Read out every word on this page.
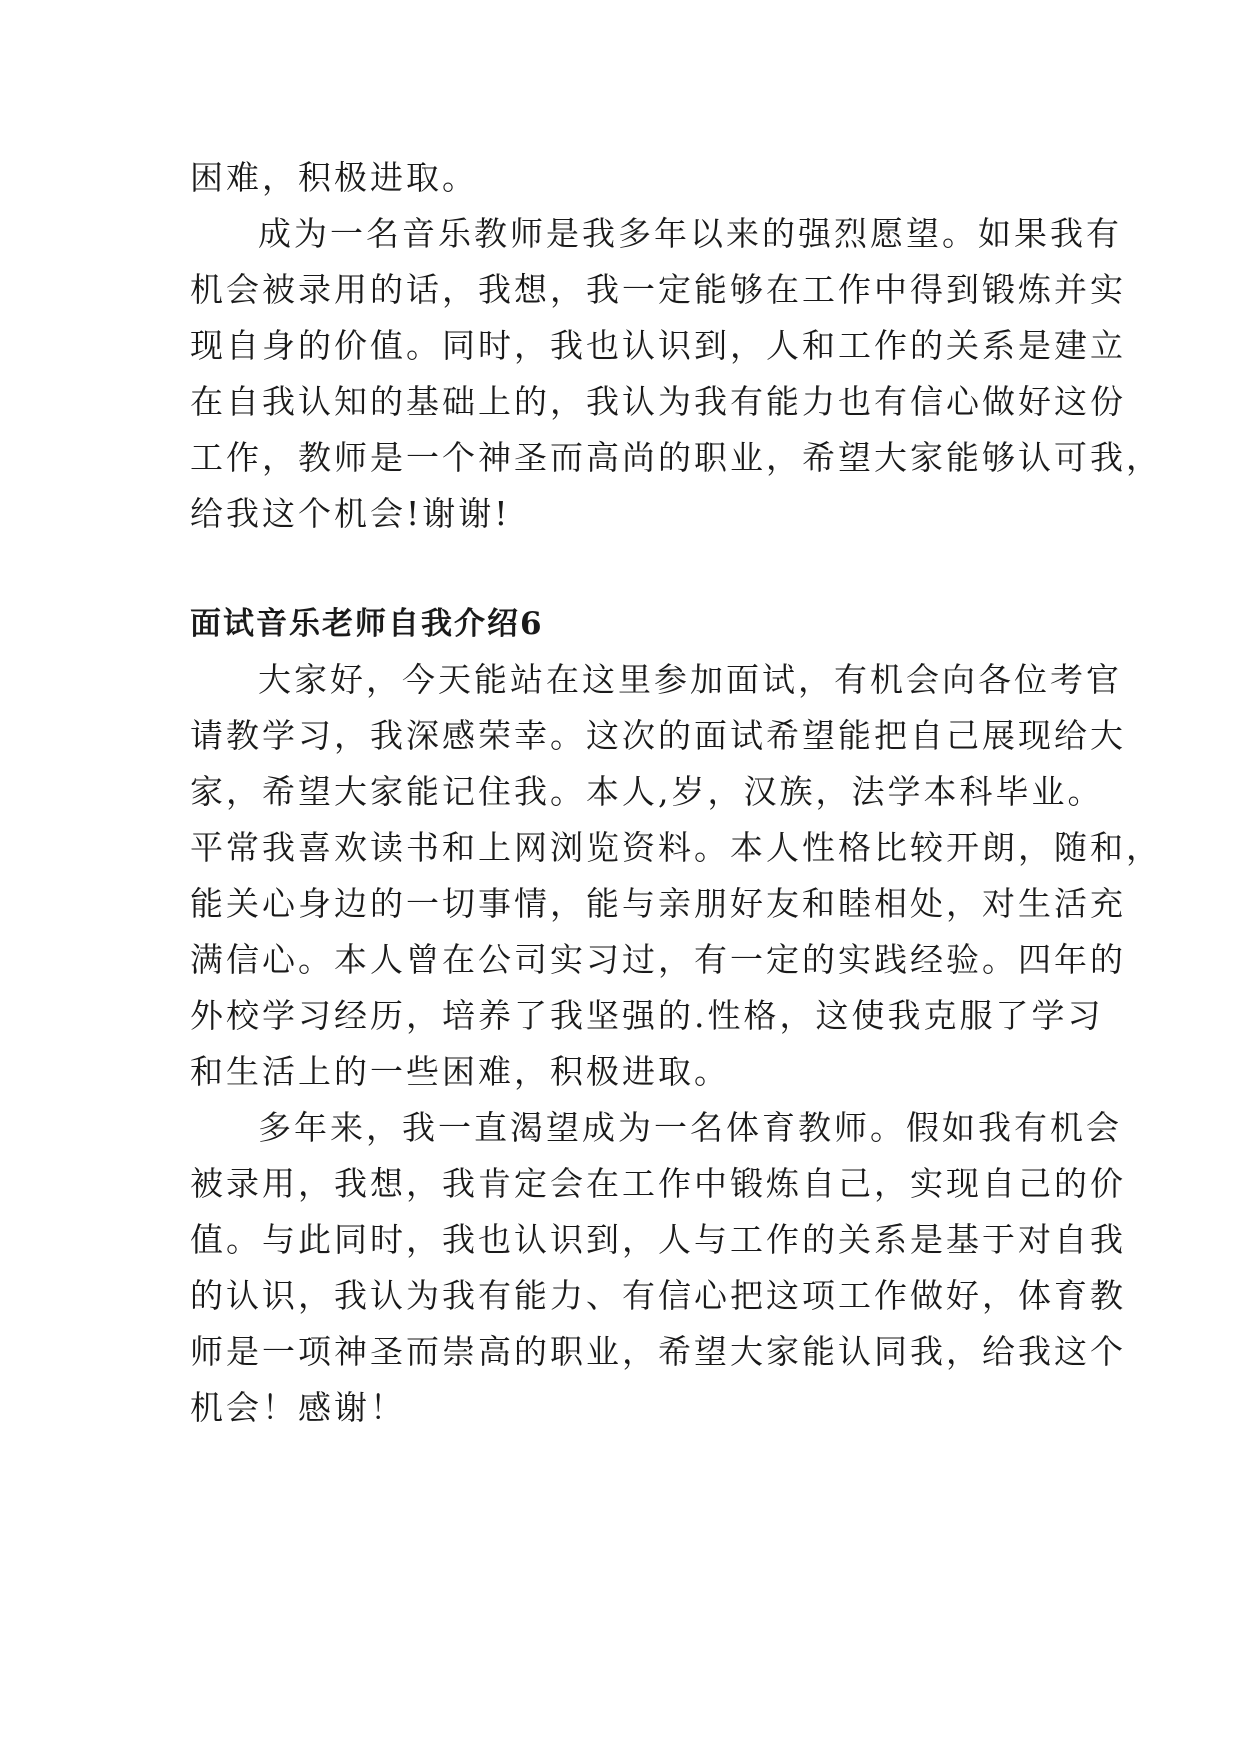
困难，积极进取。

成为一名音乐教师是我多年以来的强烈愿望。如果我有
机会被录用的话，我想，我一定能够在工作中得到锻炼并实
现自身的价值。同时，我也认识到，人和工作的关系是建立
在自我认知的基础上的，我认为我有能力也有信心做好这份
工作，教师是一个神圣而高尚的职业，希望大家能够认可我，
给我这个机会!谢谢!

面试音乐老师自我介绍6

大家好，今天能站在这里参加面试，有机会向各位考官
请教学习，我深感荣幸。这次的面试希望能把自己展现给大
家，希望大家能记住我。本人,岁，汉族，法学本科毕业。
平常我喜欢读书和上网浏览资料。本人性格比较开朗，随和，
能关心身边的一切事情，能与亲朋好友和睦相处，对生活充
满信心。本人曾在公司实习过，有一定的实践经验。四年的
外校学习经历，培养了我坚强的.性格，这使我克服了学习
和生活上的一些困难，积极进取。

多年来，我一直渴望成为一名体育教师。假如我有机会
被录用，我想，我肯定会在工作中锻炼自己，实现自己的价
值。与此同时，我也认识到，人与工作的关系是基于对自我
的认识，我认为我有能力、有信心把这项工作做好，体育教
师是一项神圣而崇高的职业，希望大家能认同我，给我这个
机会！感谢！
